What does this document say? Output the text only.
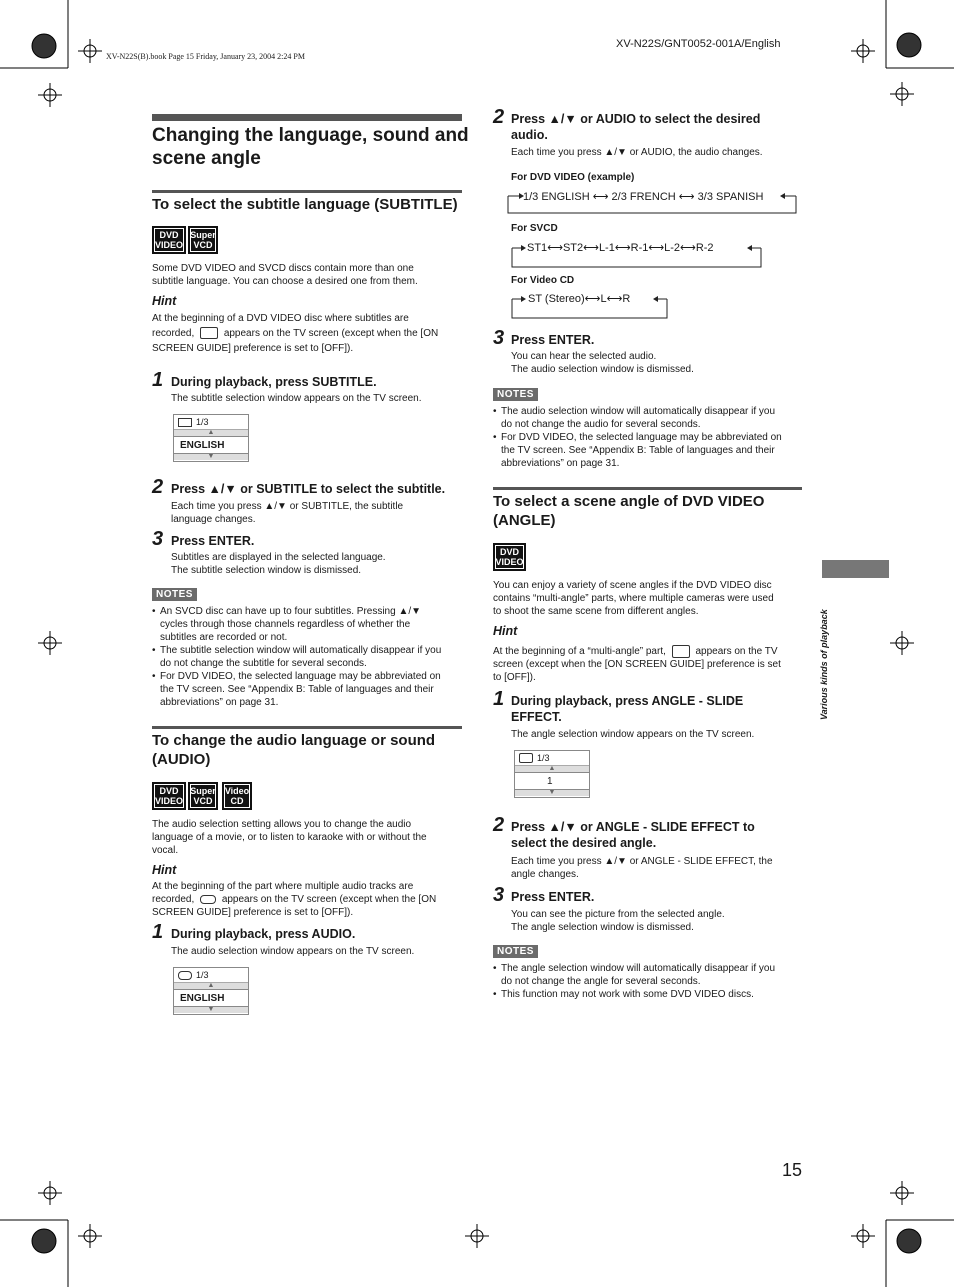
XV-N22S(B).book Page 15 Friday, January 23, 2004 2:24 PM
XV-N22S/GNT0052-001A/English
Various kinds of playback
15
Changing the language, sound and
scene angle
To select the subtitle language (SUBTITLE)
DVD
VIDEO
Super
VCD
Some DVD VIDEO and SVCD discs contain more than one
subtitle language. You can choose a desired one from them.
Hint
At the beginning of a DVD VIDEO disc where subtitles are
recorded,	appears on the TV screen (except when the [ON
SCREEN GUIDE] preference is set to [OFF]).
1 During playback, press SUBTITLE.
The subtitle selection window appears on the TV screen.
1/3
▲
ENGLISH
▼
2 Press ▲/▼ or SUBTITLE to select the subtitle.
Each time you press ▲/▼ or SUBTITLE, the subtitle
language changes.
3 Press ENTER.
Subtitles are displayed in the selected language.
The subtitle selection window is dismissed.
NOTES
• An SVCD disc can have up to four subtitles. Pressing ▲/▼
cycles through those channels regardless of whether the
subtitles are recorded or not.
• The subtitle selection window will automatically disappear if you
do not change the subtitle for several seconds.
• For DVD VIDEO, the selected language may be abbreviated on
the TV screen. See “Appendix B: Table of languages and their
abbreviations” on page 31.
To change the audio language or sound
(AUDIO)
DVD
VIDEO
Super
VCD
Video
CD
The audio selection setting allows you to change the audio
language of a movie, or to listen to karaoke with or without the
vocal.
Hint
At the beginning of the part where multiple audio tracks are
recorded,	appears on the TV screen (except when the [ON
SCREEN GUIDE] preference is set to [OFF]).
1 During playback, press AUDIO.
The audio selection window appears on the TV screen.
1/3
▲
ENGLISH
▼
2 Press ▲/▼ or AUDIO to select the desired
audio.
Each time you press ▲/▼ or AUDIO, the audio changes.
For DVD VIDEO (example)
1/3 ENGLISH ⟷ 2/3 FRENCH ⟷ 3/3 SPANISH
For SVCD
ST1⟷ST2⟷L-1⟷R-1⟷L-2⟷R-2
For Video CD
ST (Stereo)⟷L⟷R
3 Press ENTER.
You can hear the selected audio.
The audio selection window is dismissed.
NOTES
• The audio selection window will automatically disappear if you
do not change the audio for several seconds.
• For DVD VIDEO, the selected language may be abbreviated on
the TV screen. See “Appendix B: Table of languages and their
abbreviations” on page 31.
To select a scene angle of DVD VIDEO
(ANGLE)
DVD
VIDEO
You can enjoy a variety of scene angles if the DVD VIDEO disc
contains “multi-angle” parts, where multiple cameras were used
to shoot the same scene from different angles.
Hint
At the beginning of a “multi-angle” part,	appears on the TV
screen (except when the [ON SCREEN GUIDE] preference is set
to [OFF]).
1 During playback, press ANGLE - SLIDE
EFFECT.
The angle selection window appears on the TV screen.
1/3
▲
1
▼
2 Press ▲/▼ or ANGLE - SLIDE EFFECT to
select the desired angle.
Each time you press ▲/▼ or ANGLE - SLIDE EFFECT, the
angle changes.
3 Press ENTER.
You can see the picture from the selected angle.
The angle selection window is dismissed.
NOTES
• The angle selection window will automatically disappear if you
do not change the angle for several seconds.
• This function may not work with some DVD VIDEO discs.
